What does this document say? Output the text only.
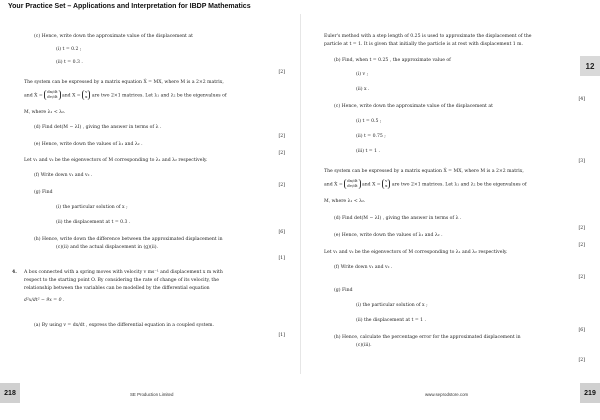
Your Practice Set – Applications and Interpretation for IBDP Mathematics
12
(c) Hence, write down the approximate value of the displacement at
(i) t = 0.2 ;
(ii) t = 0.3 .
[2]
The system can be expressed by a matrix equation Ẋ = MX, where M is a 2×2 matrix,
and Ẋ =
dx/dt
dv/dt and X =
v
x are two 2×1 matrices. Let λ₁ and λ₂ be the eigenvalues of
M, where λ₁ < λ₂.
(d) Find det(M − λI) , giving the answer in terms of λ .
[2]
(e) Hence, write down the values of λ₁ and λ₂ .
[2]
Let v₁ and v₂ be the eigenvectors of M corresponding to λ₁ and λ₂ respectively.
(f) Write down v₁ and v₂ .
[2]
(g) Find
(i) the particular solution of x ;
(ii) the displacement at t = 0.3 .
[6]
(h) Hence, write down the difference between the approximated displacement in
(c)(ii) and the actual displacement in (g)(ii).
[1]
4. A box connected with a spring moves with velocity v ms⁻¹ and displacement x m with
respect to the starting point O. By considering the rate of change of its velocity, the
relationship between the variables can be modelled by the differential equation
d²x/dt² − 9x = 0 .
(a) By using v = dx/dt , express the differential equation in a coupled system.
[1]
Euler's method with a step length of 0.25 is used to approximate the displacement of the
particle at t = 1. It is given that initially the particle is at rest with displacement 1 m.
(b) Find, when t = 0.25 , the approximate value of
(i) v ;
(ii) x .
[4]
(c) Hence, write down the approximate value of the displacement at
(i) t = 0.5 ;
(ii) t = 0.75 ;
(iii) t = 1 .
[3]
The system can be expressed by a matrix equation Ẋ = MX, where M is a 2×2 matrix,
and Ẋ =
dx/dt
dv/dt and X =
v
x are two 2×1 matrices. Let λ₁ and λ₂ be the eigenvalues of
M, where λ₁ < λ₂.
(d) Find det(M − λI) , giving the answer in terms of λ .
[2]
(e) Hence, write down the values of λ₁ and λ₂ .
[2]
Let v₁ and v₂ be the eigenvectors of M corresponding to λ₁ and λ₂ respectively.
(f) Write down v₁ and v₂ .
[2]
(g) Find
(i) the particular solution of x ;
(ii) the displacement at t = 1 .
[6]
(h) Hence, calculate the percentage error for the approximated displacement in
(c)(iii).
[2]
218	SE Production Limited	www.seprodstore.com	219
